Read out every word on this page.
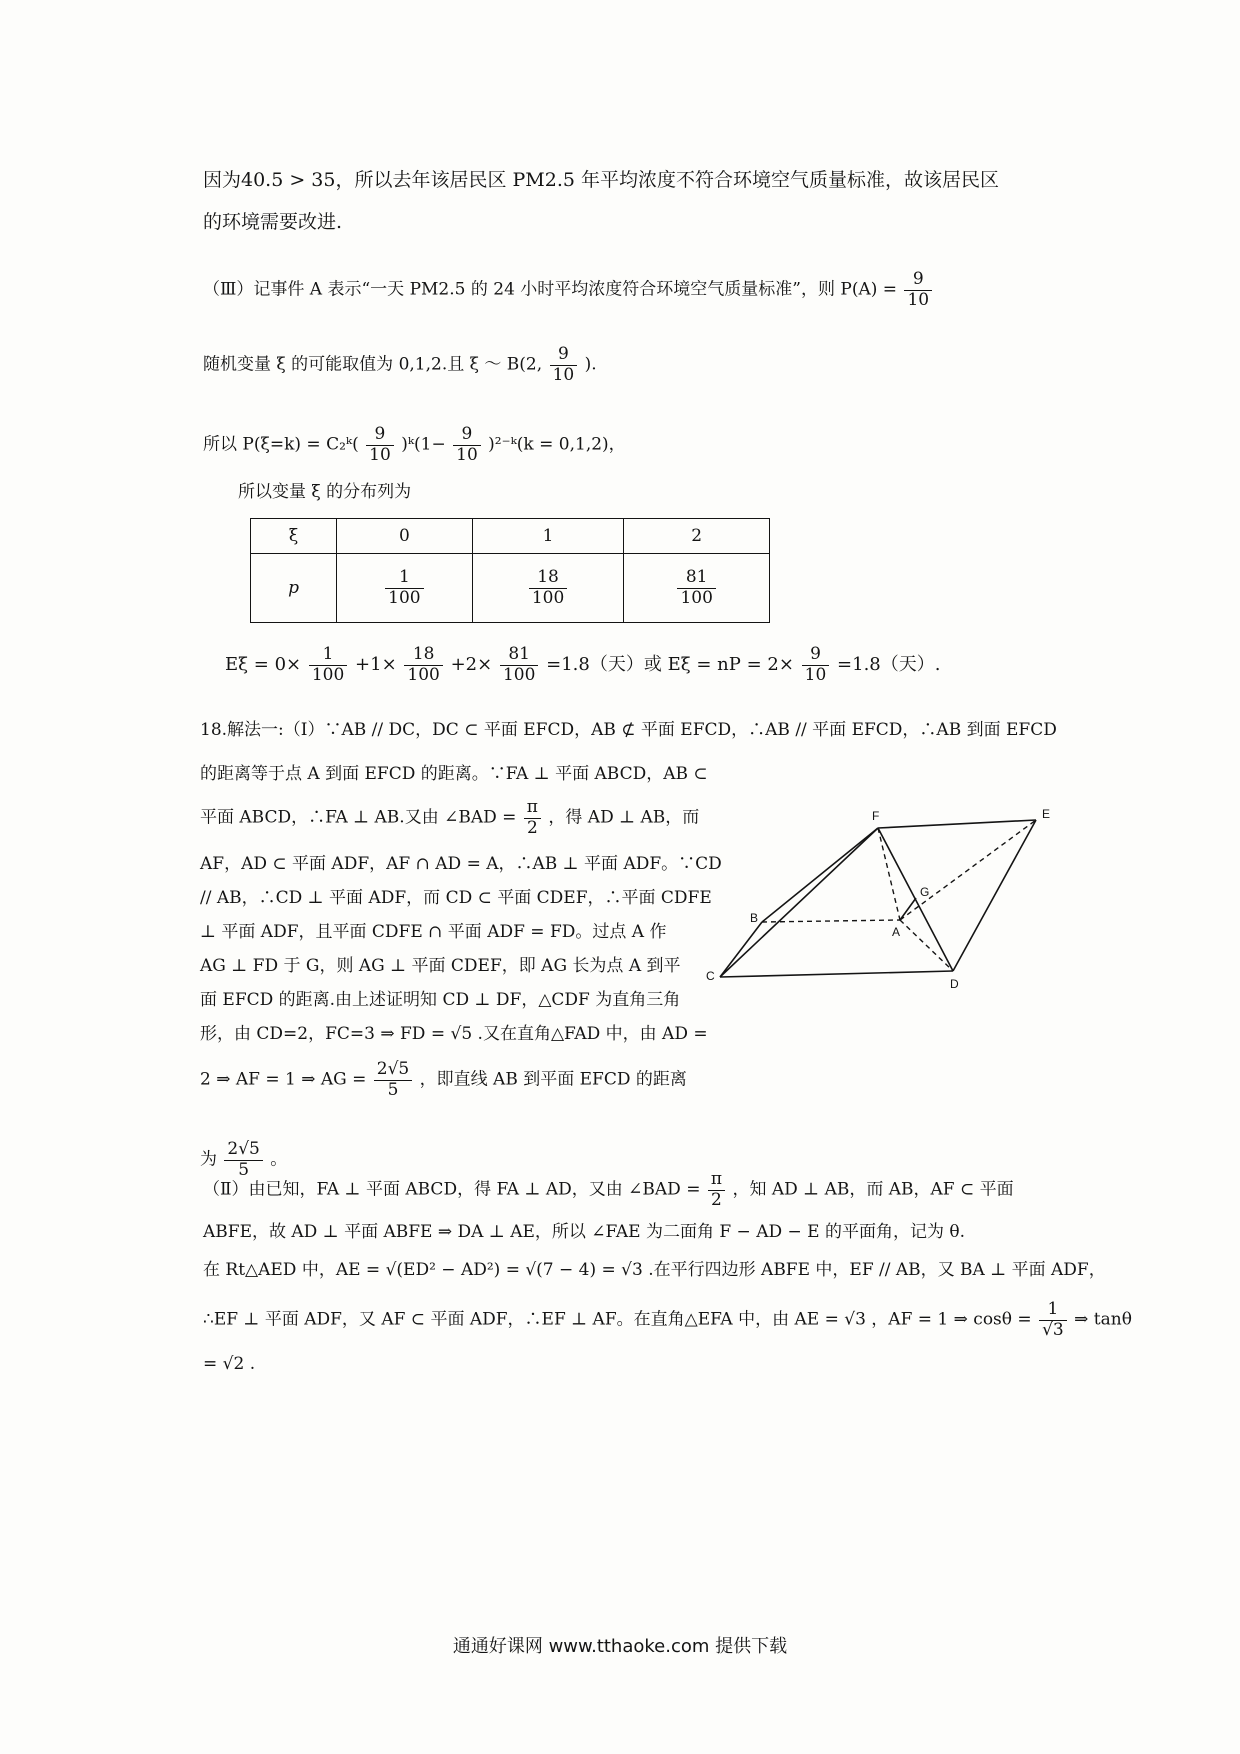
因为40.5 > 35，所以去年该居民区 PM2.5 年平均浓度不符合环境空气质量标准，故该居民区
的环境需要改进.
（Ⅲ）记事件 A 表示“一天 PM2.5 的 24 小时平均浓度符合环境空气质量标准”，则 $P(A) = \frac{9}{10}$
随机变量 ξ 的可能取值为 0,1,2.且 ξ ～ B(2, $\frac{9}{10}$ ).
所以 P(ξ=k) = C₂ᵏ( $\frac{9}{10}$ )ᵏ(1− $\frac{9}{10}$ )²⁻ᵏ(k = 0,1,2)，
所以变量 ξ 的分布列为
ξ	0	1	2
p	$\frac{1}{100}$	$\frac{18}{100}$	$\frac{81}{100}$
$E\xi = 0\times \frac{1}{100} +1\times \frac{18}{100} +2\times \frac{81}{100} =1.8$（天）或 Eξ = nP = $2\times \frac{9}{10} =1.8$（天）.
18.解法一:（Ⅰ）∵AB // DC，DC ⊂ 平面 EFCD，AB ⊄ 平面 EFCD，∴AB // 平面 EFCD，∴AB 到面 EFCD
的距离等于点 A 到面 EFCD 的距离。∵FA ⊥ 平面 ABCD，AB ⊂
平面 ABCD，∴FA ⊥ AB.又由 ∠BAD = $\frac{\pi}{2}$ ，得 AD ⊥ AB，而
AF，AD ⊂ 平面 ADF，AF ∩ AD = A，∴AB ⊥ 平面 ADF。∵CD
// AB，∴CD ⊥ 平面 ADF，而 CD ⊂ 平面 CDEF，∴平面 CDFE
⊥ 平面 ADF，且平面 CDFE ∩ 平面 ADF = FD。过点 A 作
AG ⊥ FD 于 G，则 AG ⊥ 平面 CDEF，即 AG 长为点 A 到平
面 EFCD 的距离.由上述证明知 CD ⊥ DF，△CDF 为直角三角
形，由 CD=2，FC=3 ⇒ FD = √5 .又在直角△FAD 中，由 AD =
2 ⇒ AF = 1 ⇒ AG = $\frac{2√5}{5}$ ，即直线 AB 到平面 EFCD 的距离
为 $\frac{2√5}{5}$ 。
F	E
G
B
A
C
D
（Ⅱ）由已知，FA ⊥ 平面 ABCD，得 FA ⊥ AD，又由 ∠BAD = $\frac{\pi}{2}$ ，知 AD ⊥ AB，而 AB，AF ⊂ 平面
ABFE，故 AD ⊥ 平面 ABFE ⇒ DA ⊥ AE，所以 ∠FAE 为二面角 F − AD − E 的平面角，记为 θ.
在 Rt△AED 中，AE = √(ED² − AD²) = √(7 − 4) = √3 .在平行四边形 ABFE 中，EF // AB，又 BA ⊥ 平面 ADF，
∴EF ⊥ 平面 ADF，又 AF ⊂ 平面 ADF，∴EF ⊥ AF。在直角△EFA 中，由 AE = √3 ，AF = 1 ⇒ $\cos\theta = \frac{1}{√3}$ ⇒ tanθ
= √2 .
通通好课网 www.tthaoke.com 提供下载
